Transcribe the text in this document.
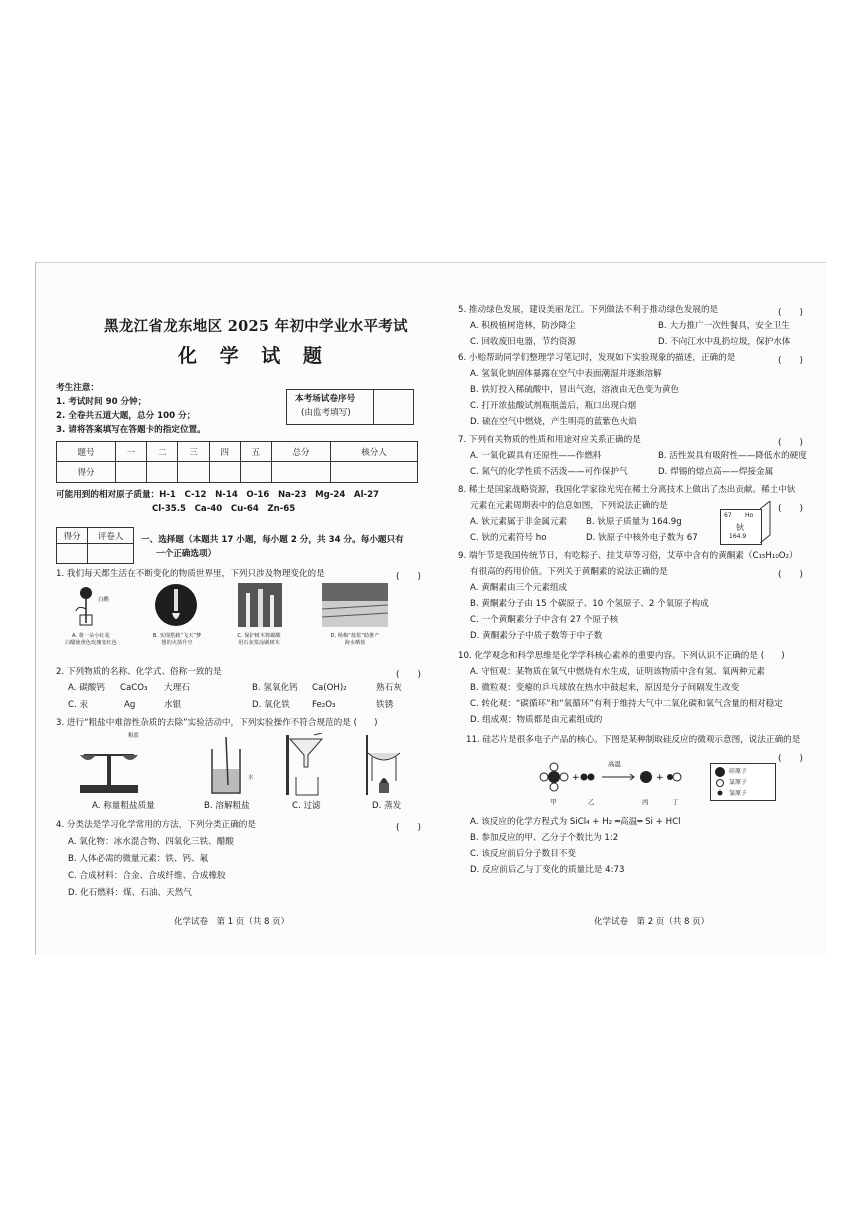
黑龙江省龙东地区 2025 年初中学业水平考试
化 学 试 题
考生注意：
1. 考试时间 90 分钟；
2. 全卷共五道大题，总分 100 分；
3. 请将答案填写在答题卡的指定位置。
本考场试卷序号
(由监考填写)
题号	一	二	三	四	五	总分	核分人
得分							
可能用到的相对原子质量：H-1　C-12　N-14　O-16　Na-23　Mg-24　Al-27
Cl-35.5　Ca-40　Cu-64　Zn-65
得分	评卷人
	一、选择题（本题共 17 小题，每小题 2 分，共 34 分。每小题只有
一个正确选项）
1. 我们每天都生活在不断变化的物质世界里，下列只涉及物理变化的是	(　　)
白醋
A. 将一朵小红花
白醋使黄色玫瑰变红色
B. 实现搭载“飞天”梦
想的火箭升空
C. 保护树木将碳酸
用石灰浆涂刷树木
D. 杨梅“盐浆”助推产
海水晒盐
2. 下列物质的名称、化学式、俗称一致的是	(　　)
A. 碳酸钙 CaCO₃ 大理石	B. 氢氧化钙 Ca(OH)₂	熟石灰
C. 汞	Ag	水银	D. 氧化铁	Fe₂O₃	铁锈
3. 进行“粗盐中难溶性杂质的去除”实验活动中，下列实验操作不符合规范的是 (　　)
粗盐
水
A. 称量粗盐质量	B. 溶解粗盐	C. 过滤	D. 蒸发
4. 分类法是学习化学常用的方法，下列分类正确的是	(　　)
A. 氧化物：冰水混合物、四氧化三铁、醋酸
B. 人体必需的微量元素：铁、钙、氟
C. 合成材料：合金、合成纤维、合成橡胶
D. 化石燃料：煤、石油、天然气
化学试卷　第 1 页（共 8 页）
5. 推动绿色发展，建设美丽龙江。下列做法不利于推动绿色发展的是	(　　)
A. 积极植树造林，防沙降尘	B. 大力推广一次性餐具，安全卫生
C. 回收废旧电器，节约资源	D. 不向江水中乱扔垃圾，保护水体
6. 小贻帮助同学们整理学习笔记时，发现如下实验现象的描述，正确的是	(　　)
A. 氢氧化钠固体暴露在空气中表面潮湿并逐渐溶解
B. 铁钉投入稀硫酸中，冒出气泡，溶液由无色变为黄色
C. 打开浓盐酸试剂瓶瓶盖后，瓶口出现白烟
D. 硫在空气中燃烧，产生明亮的蓝紫色火焰
7. 下列有关物质的性质和用途对应关系正确的是	(　　)
A. 一氧化碳具有还原性——作燃料	B. 活性炭具有吸附性——降低水的硬度
C. 氮气的化学性质不活泼——可作保护气	D. 焊锡的熔点高——焊接金属
8. 稀土是国家战略资源，我国化学家徐光宪在稀土分离技术上做出了杰出贡献。稀土中钬
元素在元素周期表中的信息如图，下列说法正确的是	(　　)
A. 钬元素属于非金属元素 B. 钬原子质量为 164.9g
C. 钬的元素符号 ho	D. 钬原子中核外电子数为 67
67 Ho
钬
164.9
9. 端午节是我国传统节日，有吃粽子、挂艾草等习俗，艾草中含有的黄酮素（C₁₅H₁₀O₂）
有很高的药用价值。下列关于黄酮素的说法正确的是	(　　)
A. 黄酮素由三个元素组成
B. 黄酮素分子由 15 个碳原子、10 个氢原子、2 个氧原子构成
C. 一个黄酮素分子中含有 27 个原子核
D. 黄酮素分子中质子数等于中子数
10. 化学观念和科学思维是化学学科核心素养的重要内容。下列认识不正确的是 (　　)
A. 守恒观：某物质在氧气中燃烧有水生成，证明该物质中含有氢、氧两种元素
B. 微粒观：变瘪的乒乓球放在热水中鼓起来，原因是分子间隔发生改变
C. 转化观：“碳循环”和“氧循环”有利于维持大气中二氧化碳和氧气含量的相对稳定
D. 组成观：物质都是由元素组成的
11. 硅芯片是很多电子产品的核心。下图是某种制取硅反应的微观示意图，说法正确的是
(　　)
+	+
高温
甲	乙	丙	丁
硅原子
氯原子
氢原子
A. 该反应的化学方程式为 SiCl₄ + H₂ ═高温═ Si + HCl
B. 参加反应的甲、乙分子个数比为 1:2
C. 该反应前后分子数目不变
D. 反应前后乙与丁变化的质量比是 4:73
化学试卷　第 2 页（共 8 页）
